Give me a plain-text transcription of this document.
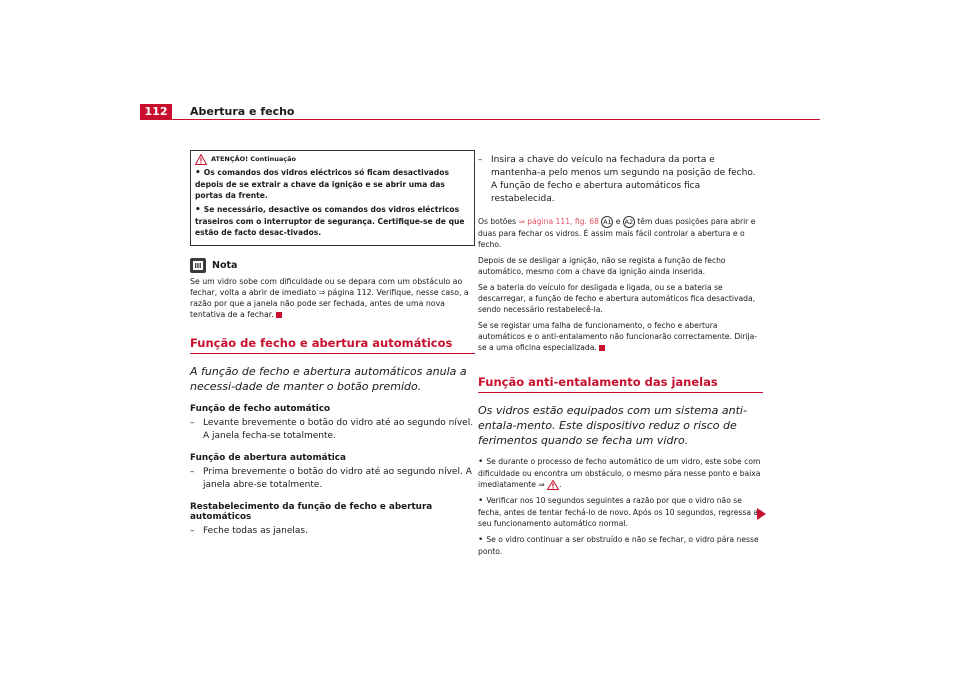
112	Abertura e fecho
ATENÇÃO! Continuação

• Os comandos dos vidros eléctricos só ficam desactivados depois de se extrair a chave da ignição e se abrir uma das portas da frente.

• Se necessário, desactive os comandos dos vidros eléctricos traseiros com o interruptor de segurança. Certifique-se de que estão de facto desac-tivados.

Nota
Se um vidro sobe com dificuldade ou se depara com um obstáculo ao fechar, volta a abrir de imediato ⇒ página 112. Verifique, nesse caso, a razão por que a janela não pode ser fechada, antes de uma nova tentativa de a fechar.
Função de fecho e abertura automáticos
A função de fecho e abertura automáticos anula a necessi-dade de manter o botão premido.
Função de fecho automático
– Levante brevemente o botão do vidro até ao segundo nível. A janela fecha-se totalmente.
Função de abertura automática
– Prima brevemente o botão do vidro até ao segundo nível. A janela abre-se totalmente.
Restabelecimento da função de fecho e abertura automáticos
– Feche todas as janelas.
– Insira a chave do veículo na fechadura da porta e mantenha-a pelo menos um segundo na posição de fecho. A função de fecho e abertura automáticos fica restabelecida.
Os botões ⇒ página 111, fig. 68 A1 e A2 têm duas posições para abrir e duas para fechar os vidros. É assim mais fácil controlar a abertura e o fecho.
Depois de se desligar a ignição, não se regista a função de fecho automático, mesmo com a chave da ignição ainda inserida.
Se a bateria do veículo for desligada e ligada, ou se a bateria se descarregar, a função de fecho e abertura automáticos fica desactivada, sendo necessário restabelecê-la.
Se se registar uma falha de funcionamento, o fecho e abertura automáticos e o anti-entalamento não funcionarão correctamente. Dirija-se a uma oficina especializada.
Função anti-entalamento das janelas
Os vidros estão equipados com um sistema anti-entala-mento. Este dispositivo reduz o risco de ferimentos quando se fecha um vidro.
• Se durante o processo de fecho automático de um vidro, este sobe com dificuldade ou encontra um obstáculo, o mesmo pára nesse ponto e baixa imediatamente ⇒ .
• Verificar nos 10 segundos seguintes a razão por que o vidro não se fecha, antes de tentar fechá-lo de novo. Após os 10 segundos, regressa ao seu funcionamento automático normal.
• Se o vidro continuar a ser obstruído e não se fechar, o vidro pára nesse ponto.
